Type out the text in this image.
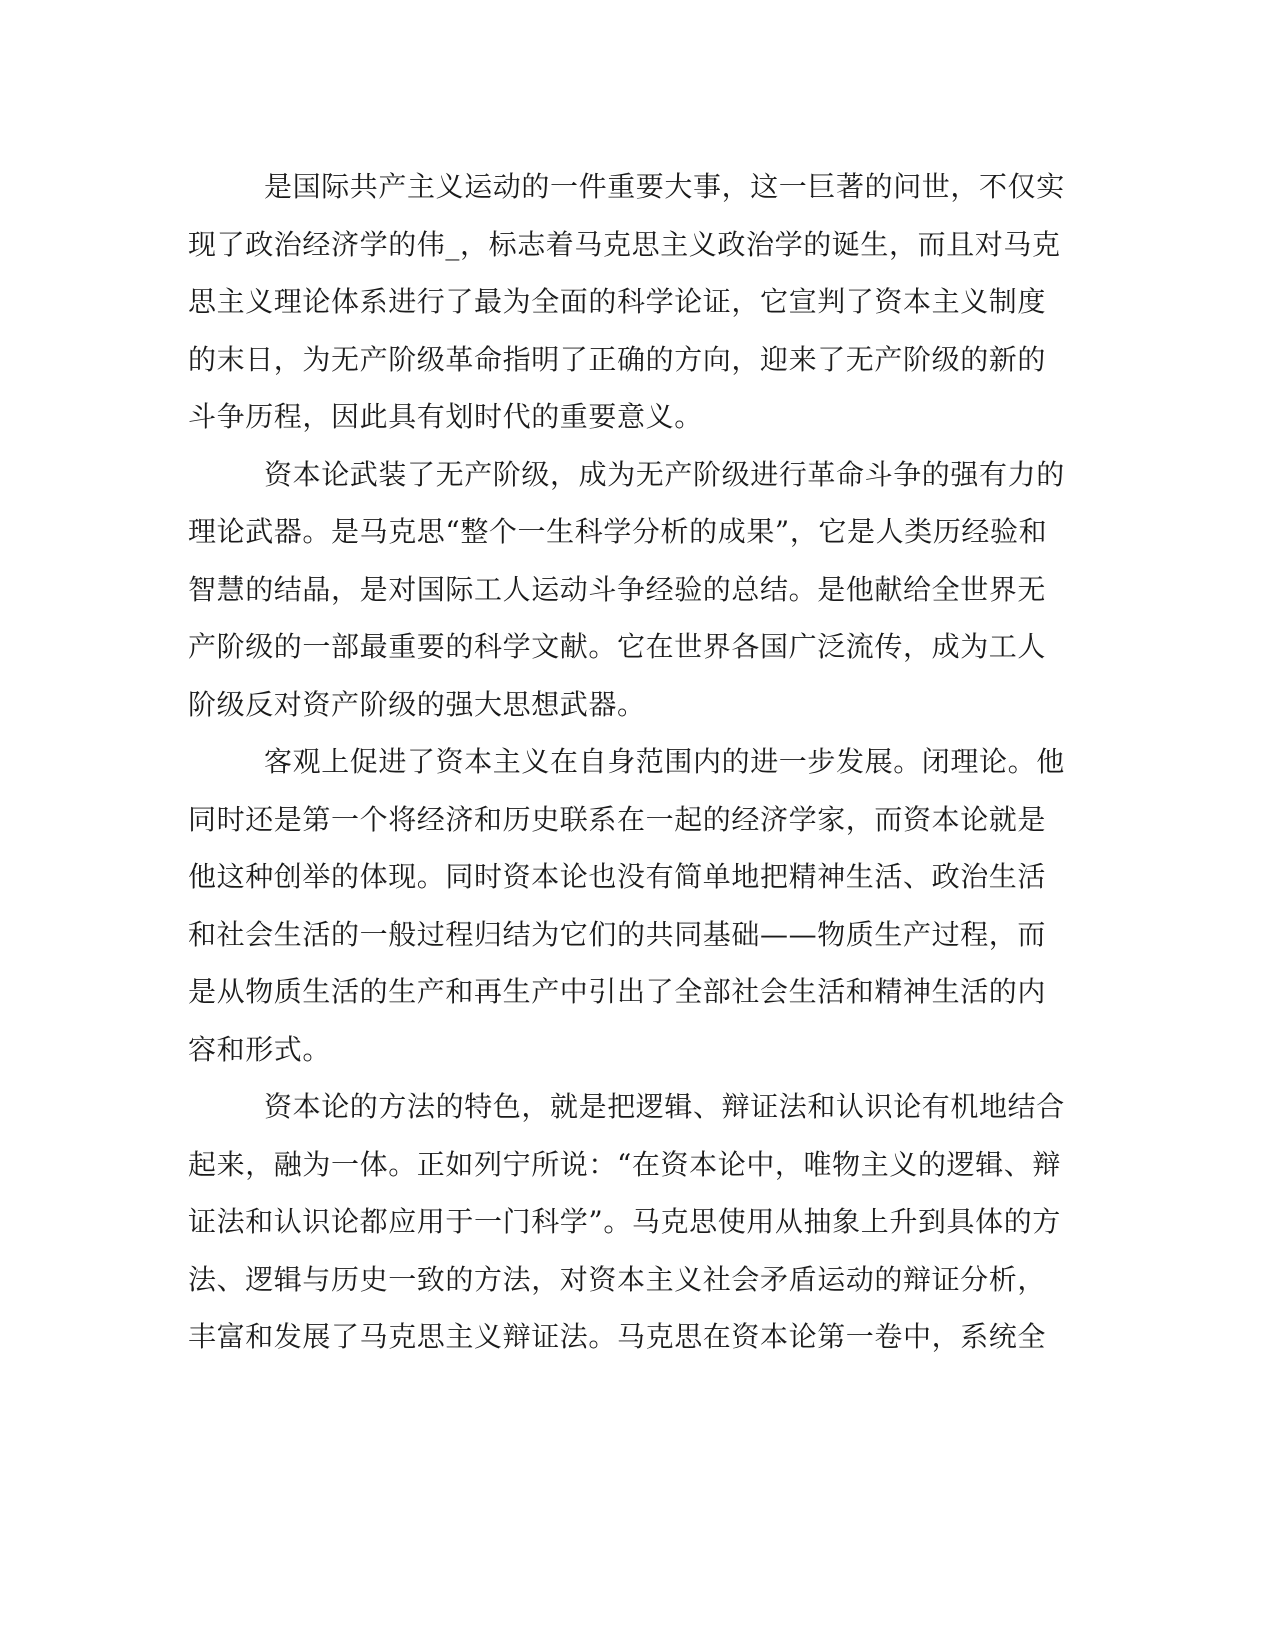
是国际共产主义运动的一件重要大事，这一巨著的问世，不仅实
现了政治经济学的伟_，标志着马克思主义政治学的诞生，而且对马克
思主义理论体系进行了最为全面的科学论证，它宣判了资本主义制度
的末日，为无产阶级革命指明了正确的方向，迎来了无产阶级的新的
斗争历程，因此具有划时代的重要意义。
资本论武装了无产阶级，成为无产阶级进行革命斗争的强有力的
理论武器。是马克思“整个一生科学分析的成果”，它是人类历经验和
智慧的结晶，是对国际工人运动斗争经验的总结。是他献给全世界无
产阶级的一部最重要的科学文献。它在世界各国广泛流传，成为工人
阶级反对资产阶级的强大思想武器。
客观上促进了资本主义在自身范围内的进一步发展。闭理论。他
同时还是第一个将经济和历史联系在一起的经济学家，而资本论就是
他这种创举的体现。同时资本论也没有简单地把精神生活、政治生活
和社会生活的一般过程归结为它们的共同基础——物质生产过程，而
是从物质生活的生产和再生产中引出了全部社会生活和精神生活的内
容和形式。
资本论的方法的特色，就是把逻辑、辩证法和认识论有机地结合
起来，融为一体。正如列宁所说：“在资本论中，唯物主义的逻辑、辩
证法和认识论都应用于一门科学”。马克思使用从抽象上升到具体的方
法、逻辑与历史一致的方法，对资本主义社会矛盾运动的辩证分析，
丰富和发展了马克思主义辩证法。马克思在资本论第一卷中，系统全
